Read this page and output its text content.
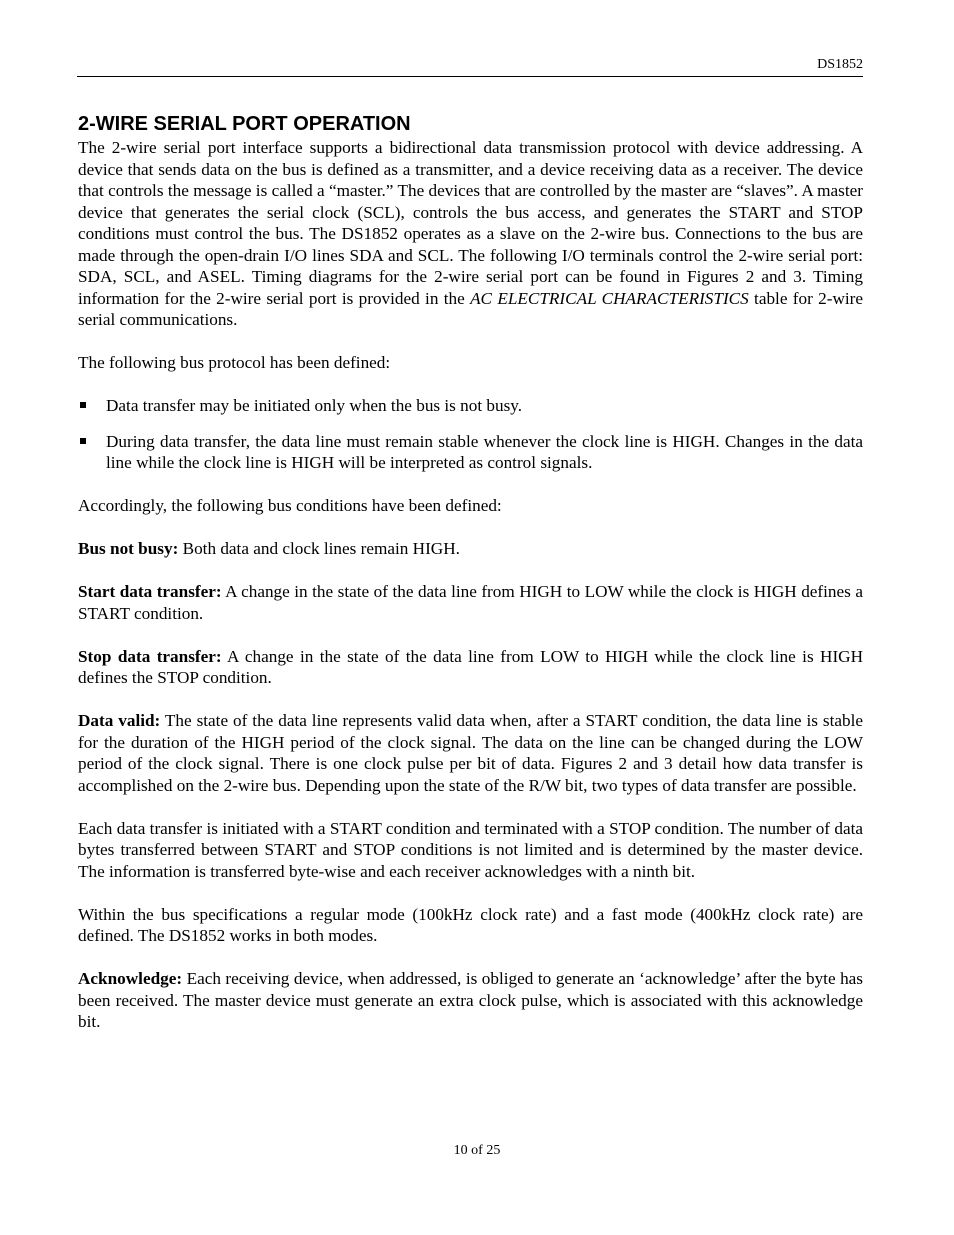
DS1852
2-WIRE SERIAL PORT OPERATION

The 2-wire serial port interface supports a bidirectional data transmission protocol with device addressing. A device that sends data on the bus is defined as a transmitter, and a device receiving data as a receiver. The device that controls the message is called a “master.” The devices that are controlled by the master are “slaves”. A master device that generates the serial clock (SCL), controls the bus access, and generates the START and STOP conditions must control the bus. The DS1852 operates as a slave on the 2-wire bus. Connections to the bus are made through the open-drain I/O lines SDA and SCL. The following I/O terminals control the 2-wire serial port: SDA, SCL, and ASEL. Timing diagrams for the 2-wire serial port can be found in Figures 2 and 3. Timing information for the 2-wire serial port is provided in the AC ELECTRICAL CHARACTERISTICS table for 2-wire serial communications.

The following bus protocol has been defined:

Data transfer may be initiated only when the bus is not busy.
During data transfer, the data line must remain stable whenever the clock line is HIGH. Changes in the data line while the clock line is HIGH will be interpreted as control signals.

Accordingly, the following bus conditions have been defined:

Bus not busy: Both data and clock lines remain HIGH.

Start data transfer: A change in the state of the data line from HIGH to LOW while the clock is HIGH defines a START condition.

Stop data transfer: A change in the state of the data line from LOW to HIGH while the clock line is HIGH defines the STOP condition.

Data valid: The state of the data line represents valid data when, after a START condition, the data line is stable for the duration of the HIGH period of the clock signal. The data on the line can be changed during the LOW period of the clock signal. There is one clock pulse per bit of data. Figures 2 and 3 detail how data transfer is accomplished on the 2-wire bus. Depending upon the state of the R/W bit, two types of data transfer are possible.

Each data transfer is initiated with a START condition and terminated with a STOP condition. The number of data bytes transferred between START and STOP conditions is not limited and is determined by the master device. The information is transferred byte-wise and each receiver acknowledges with a ninth bit.

Within the bus specifications a regular mode (100kHz clock rate) and a fast mode (400kHz clock rate) are defined. The DS1852 works in both modes.

Acknowledge: Each receiving device, when addressed, is obliged to generate an ‘acknowledge’ after the byte has been received. The master device must generate an extra clock pulse, which is associated with this acknowledge bit.

10 of 25
